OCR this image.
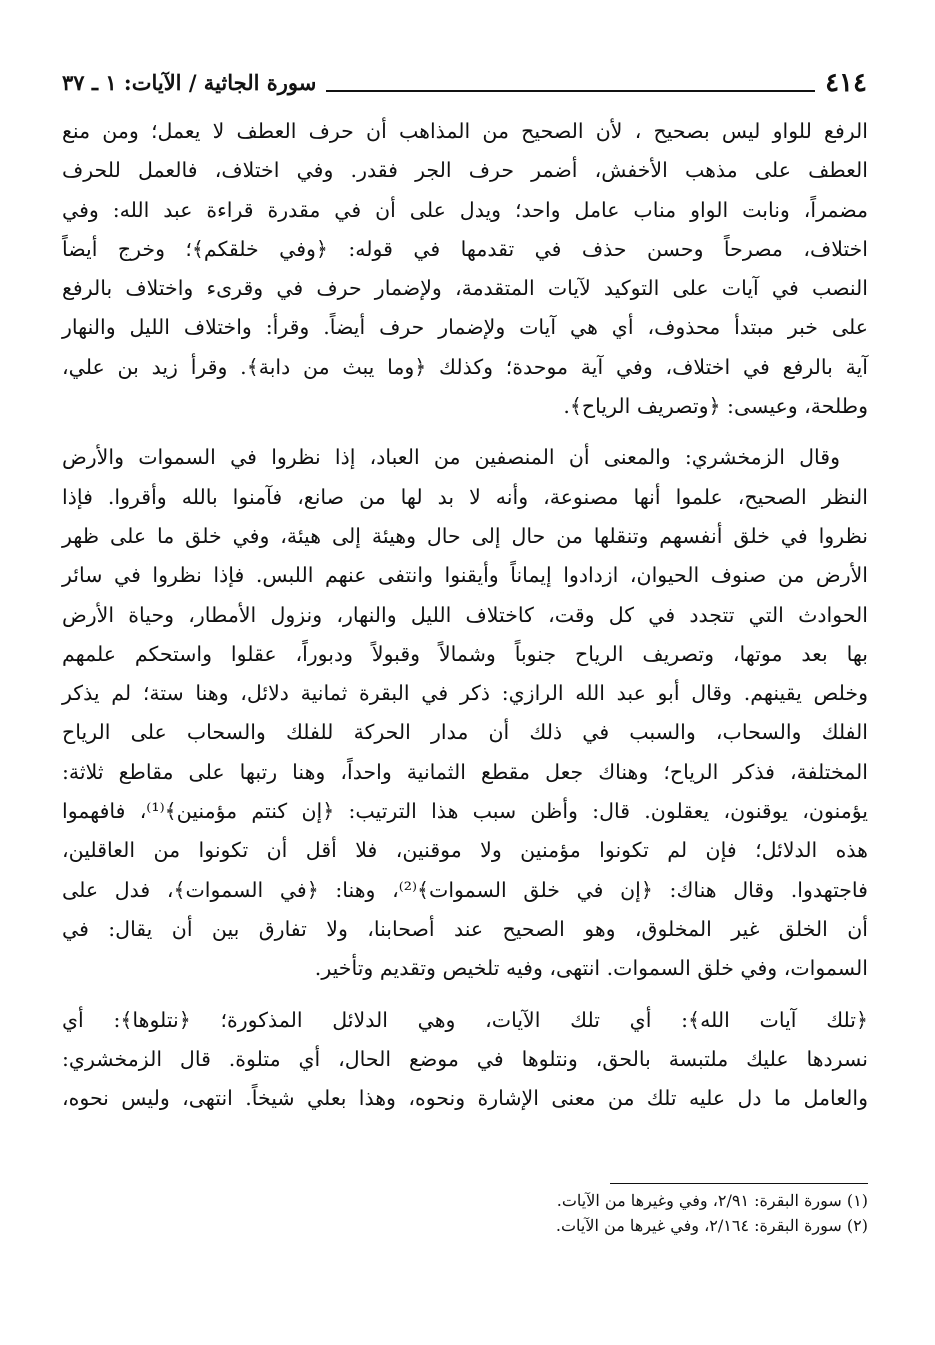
٤١٤
سورة الجاثية / الآيات: ١ ـ ٣٧

الرفع للواو ليس بصحيح ، لأن الصحيح من المذاهب أن حرف العطف لا يعمل؛ ومن منع
العطف على مذهب الأخفش، أضمر حرف الجر فقدر. وفي اختلاف، فالعمل للحرف
مضمراً، ونابت الواو مناب عامل واحد؛ ويدل على أن في مقدرة قراءة عبد الله: وفي
اختلاف، مصرحاً وحسن حذف في تقدمها في قوله: ﴿وفي خلقكم﴾؛ وخرج أيضاً
النصب في آيات على التوكيد لآيات المتقدمة، ولإضمار حرف في وقرىء واختلاف بالرفع
على خبر مبتدأ محذوف، أي هي آيات ولإضمار حرف أيضاً. وقرأ: واختلاف الليل والنهار
آية بالرفع في اختلاف، وفي آية موحدة؛ وكذلك ﴿وما يبث من دابة﴾. وقرأ زيد بن علي،
وطلحة، وعيسى: ﴿وتصريف الرياح﴾.

وقال الزمخشري: والمعنى أن المنصفين من العباد، إذا نظروا في السموات والأرض
النظر الصحيح، علموا أنها مصنوعة، وأنه لا بد لها من صانع، فآمنوا بالله وأقروا. فإذا
نظروا في خلق أنفسهم وتنقلها من حال إلى حال وهيئة إلى هيئة، وفي خلق ما على ظهر
الأرض من صنوف الحيوان، ازدادوا إيماناً وأيقنوا وانتفى عنهم اللبس. فإذا نظروا في سائر
الحوادث التي تتجدد في كل وقت، كاختلاف الليل والنهار، ونزول الأمطار، وحياة الأرض
بها بعد موتها، وتصريف الرياح جنوباً وشمالاً وقبولاً ودبوراً، عقلوا واستحكم علمهم
وخلص يقينهم. وقال أبو عبد الله الرازي: ذكر في البقرة ثمانية دلائل، وهنا ستة؛ لم يذكر
الفلك والسحاب، والسبب في ذلك أن مدار الحركة للفلك والسحاب على الرياح
المختلفة، فذكر الرياح؛ وهناك جعل مقطع الثمانية واحداً، وهنا رتبها على مقاطع ثلاثة:
يؤمنون، يوقنون، يعقلون. قال: وأظن سبب هذا الترتيب: ﴿إن كنتم مؤمنين﴾⁽¹⁾، فافهموا
هذه الدلائل؛ فإن لم تكونوا مؤمنين ولا موقنين، فلا أقل أن تكونوا من العاقلين،
فاجتهدوا. وقال هناك: ﴿إن في خلق السموات﴾⁽²⁾، وهنا: ﴿في السموات﴾، فدل على
أن الخلق غير المخلوق، وهو الصحيح عند أصحابنا، ولا تفارق بين أن يقال: في
السموات، وفي خلق السموات. انتهى، وفيه تلخيص وتقديم وتأخير.

﴿تلك آيات الله﴾: أي تلك الآيات، وهي الدلائل المذكورة؛ ﴿نتلوها﴾: أي
نسردها عليك ملتبسة بالحق، ونتلوها في موضع الحال، أي متلوة. قال الزمخشري:
والعامل ما دل عليه تلك من معنى الإشارة ونحوه، وهذا بعلي شيخاً. انتهى، وليس نحوه،

(١) سورة البقرة: ٢/٩١، وفي وغيرها من الآيات.
(٢) سورة البقرة: ٢/١٦٤، وفي غيرها من الآيات.
